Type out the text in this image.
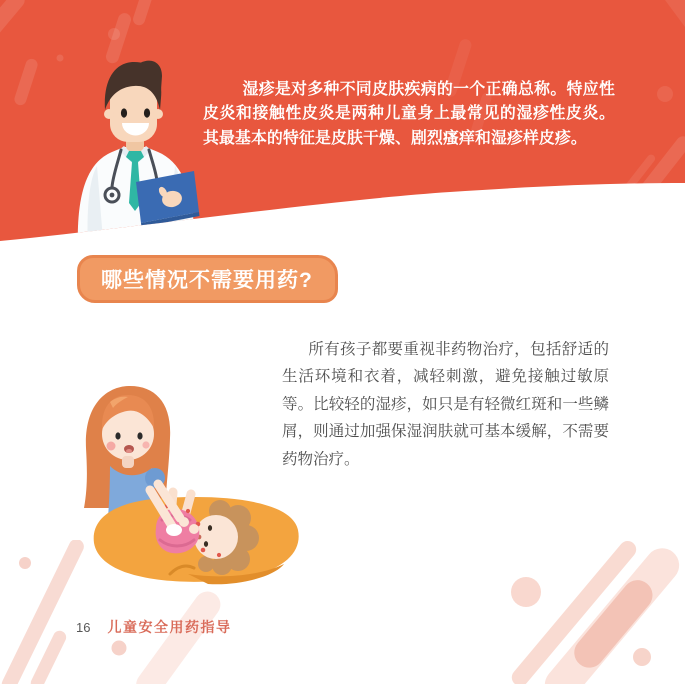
湿疹是对多种不同皮肤疾病的一个正确总称。特应性皮炎和接触性皮炎是两种儿童身上最常见的湿疹性皮炎。其最基本的特征是皮肤干燥、剧烈瘙痒和湿疹样皮疹。

哪些情况不需要用药?

所有孩子都要重视非药物治疗，包括舒适的生活环境和衣着，减轻刺激，避免接触过敏原等。比较轻的湿疹，如只是有轻微红斑和一些鳞屑，则通过加强保湿润肤就可基本缓解，不需要药物治疗。

16 儿童安全用药指导
